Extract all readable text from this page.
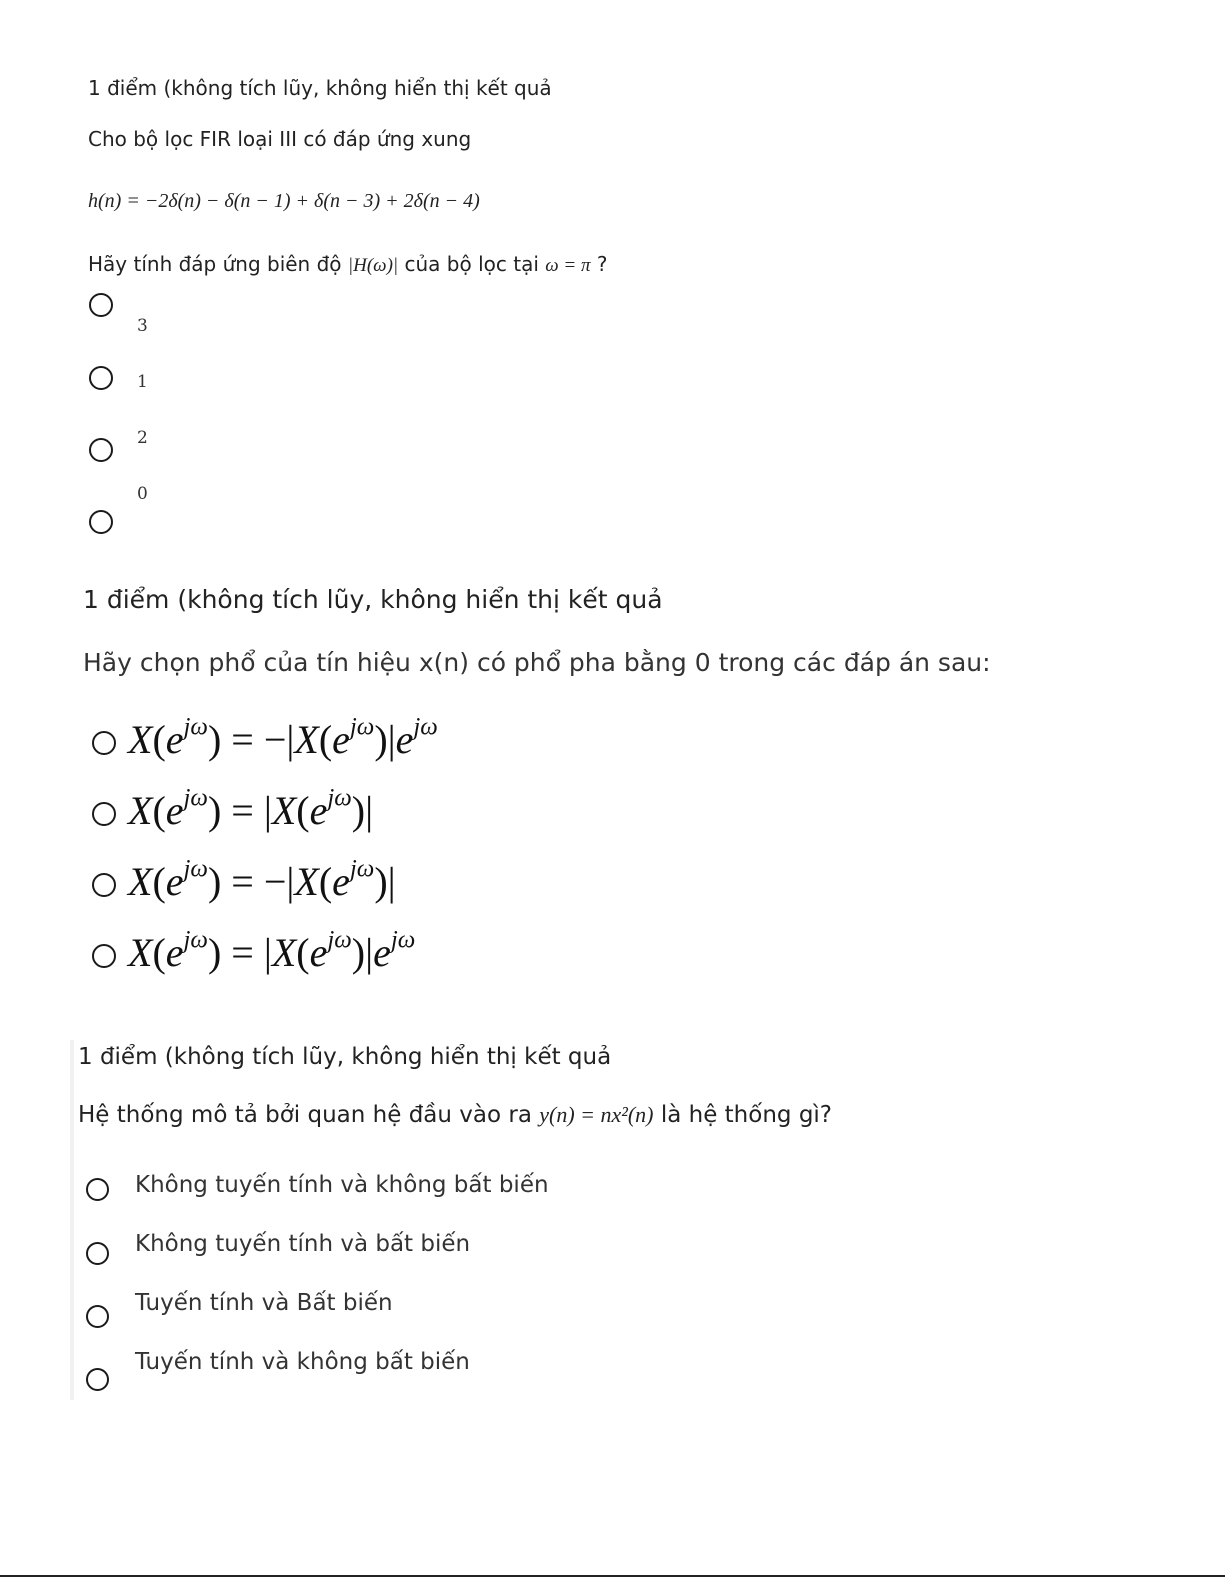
1 điểm (không tích lũy, không hiển thị kết quả
Cho bộ lọc FIR loại III có đáp ứng xung
h(n) = −2δ(n) − δ(n − 1) + δ(n − 3) + 2δ(n − 4)
Hãy tính đáp ứng biên độ |H(ω)| của bộ lọc tại ω = π ?
3
1
2
0
1 điểm (không tích lũy, không hiển thị kết quả
Hãy chọn phổ của tín hiệu x(n) có phổ pha bằng 0 trong các đáp án sau:
$X(e^{j\omega}) = -|X(e^{j\omega})|e^{j\omega}$
$X(e^{j\omega}) = |X(e^{j\omega})|$
$X(e^{j\omega}) = -|X(e^{j\omega})|$
$X(e^{j\omega}) = |X(e^{j\omega})|e^{j\omega}$
1 điểm (không tích lũy, không hiển thị kết quả
Hệ thống mô tả bởi quan hệ đầu vào ra y(n) = nx²(n) là hệ thống gì?
Không tuyến tính và không bất biến
Không tuyến tính và bất biến
Tuyến tính và Bất biến
Tuyến tính và không bất biến
